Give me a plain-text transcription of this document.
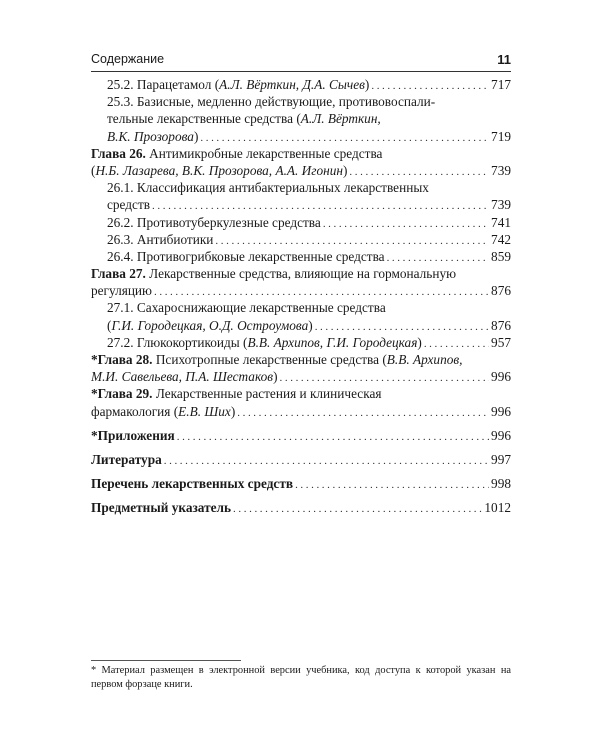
Содержание	11
25.2. Парацетамол (А.Л. Вёрткин, Д.А. Сычев) .....	717
25.3. Базисные, медленно действующие, противовоспали-
тельные лекарственные средства (А.Л. Вёрткин,
В.К. Прозорова) .....	719
Глава 26. Антимикробные лекарственные средства
(Н.Б. Лазарева, В.К. Прозорова, А.А. Игонин) .....	739
26.1. Классификация антибактериальных лекарственных
средств .....	739
26.2. Противотуберкулезные средства .....	741
26.3. Антибиотики .....	742
26.4. Противогрибковые лекарственные средства .....	859
Глава 27. Лекарственные средства, влияющие на гормональную
регуляцию .....	876
27.1. Сахароснижающие лекарственные средства
(Г.И. Городецкая, О.Д. Остроумова) .....	876
27.2. Глюкокортикоиды (В.В. Архипов, Г.И. Городецкая) .....	957
*Глава 28. Психотропные лекарственные средства (В.В. Архипов,
М.И. Савельева, П.А. Шестаков) .....	996
*Глава 29. Лекарственные растения и клиническая
фармакология (Е.В. Ших) .....	996
*Приложения .....	996
Литература .....	997
Перечень лекарственных средств .....	998
Предметный указатель .....	1012
* Материал размещен в электронной версии учебника, код доступа к которой указан на первом форзаце книги.
